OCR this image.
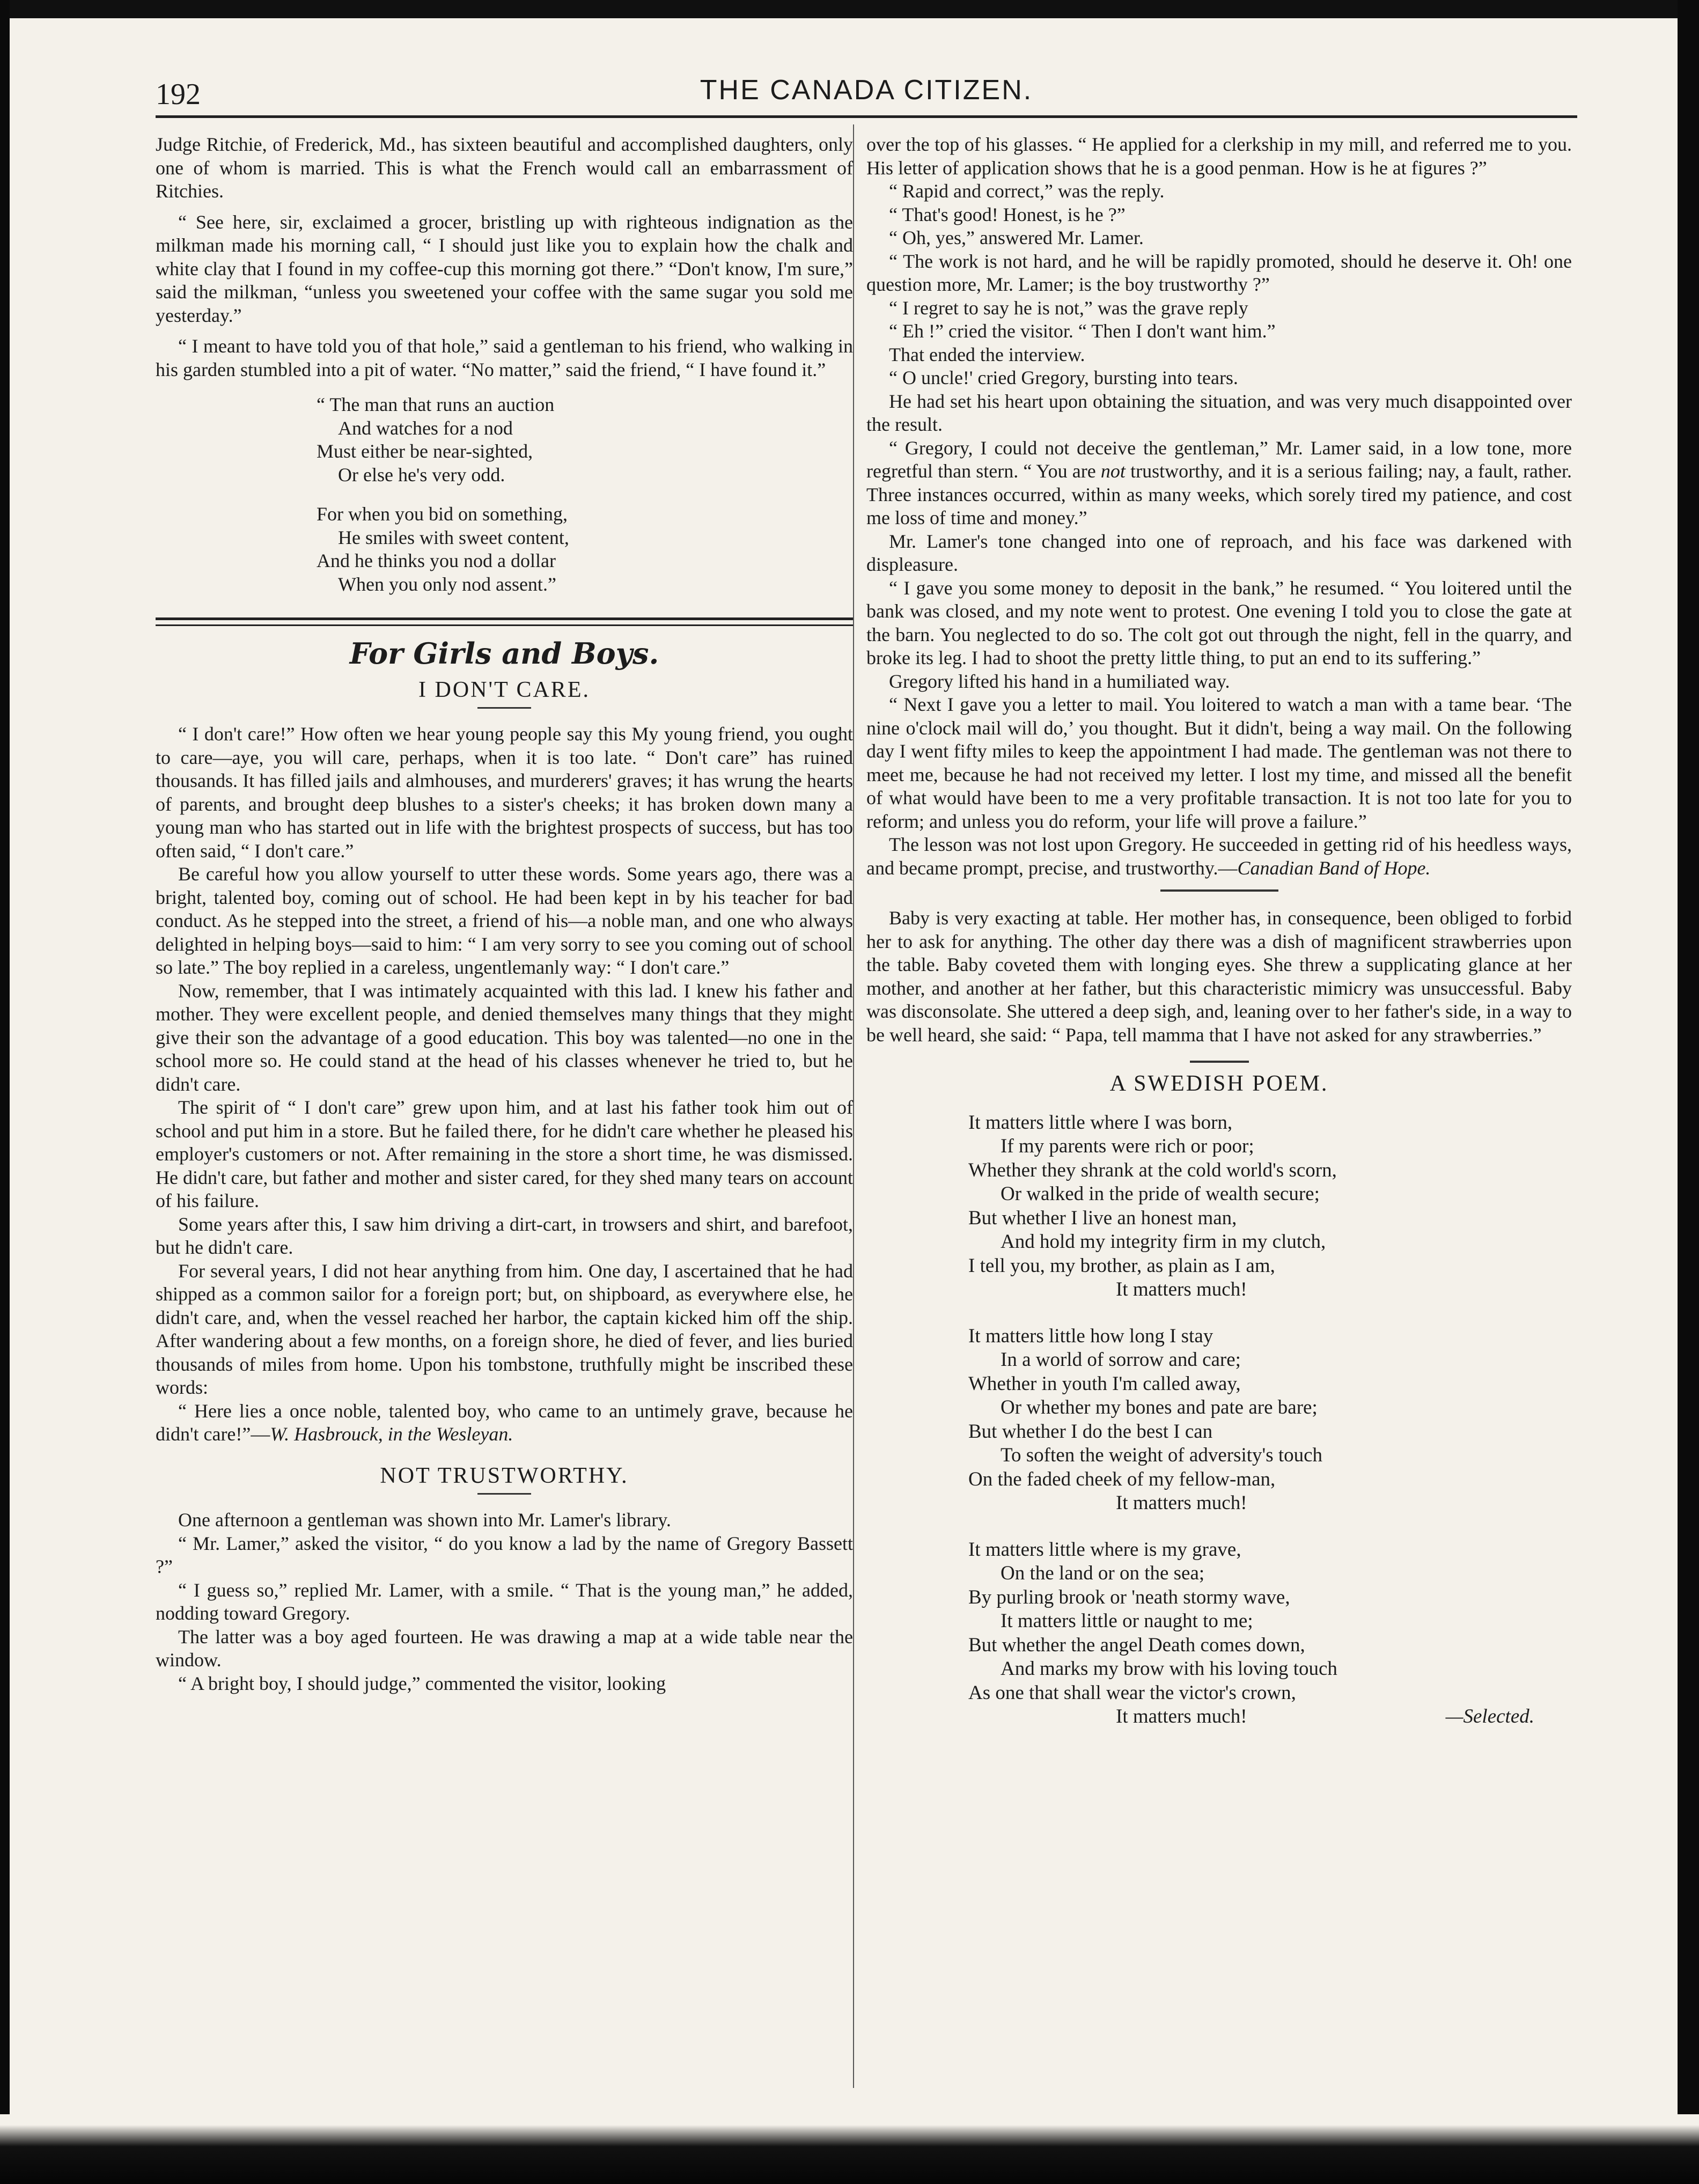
THE CANADA CITIZEN.
192

Judge Ritchie, of Frederick, Md., has sixteen beautiful and accomplished daughters, only one of whom is married. This is what the French would call an embarrassment of Ritchies.

“ See here, sir, exclaimed a grocer, bristling up with righteous indignation as the milkman made his morning call, “ I should just like you to explain how the chalk and white clay that I found in my coffee-cup this morning got there.” “Don't know, I'm sure,” said the milkman, “unless you sweetened your coffee with the same sugar you sold me yesterday.”

“ I meant to have told you of that hole,” said a gentleman to his friend, who walking in his garden stumbled into a pit of water. “No matter,” said the friend, “ I have found it.”

“ The man that runs an auction
And watches for a nod
Must either be near-sighted,
Or else he's very odd.
For when you bid on something,
He smiles with sweet content,
And he thinks you nod a dollar
When you only nod assent.”
For Girls and Boys.
I DON'T CARE.

“ I don't care!” How often we hear young people say this My young friend, you ought to care—aye, you will care, perhaps, when it is too late. “ Don't care” has ruined thousands. It has filled jails and almhouses, and murderers' graves; it has wrung the hearts of parents, and brought deep blushes to a sister's cheeks; it has broken down many a young man who has started out in life with the brightest prospects of success, but has too often said, “ I don't care.”

Be careful how you allow yourself to utter these words. Some years ago, there was a bright, talented boy, coming out of school. He had been kept in by his teacher for bad conduct. As he stepped into the street, a friend of his—a noble man, and one who always delighted in helping boys—said to him: “ I am very sorry to see you coming out of school so late.” The boy replied in a careless, ungentlemanly way: “ I don't care.”

Now, remember, that I was intimately acquainted with this lad. I knew his father and mother. They were excellent people, and denied themselves many things that they might give their son the advantage of a good education. This boy was talented—no one in the school more so. He could stand at the head of his classes whenever he tried to, but he didn't care.

The spirit of “ I don't care” grew upon him, and at last his father took him out of school and put him in a store. But he failed there, for he didn't care whether he pleased his employer's customers or not. After remaining in the store a short time, he was dismissed. He didn't care, but father and mother and sister cared, for they shed many tears on account of his failure.

Some years after this, I saw him driving a dirt-cart, in trowsers and shirt, and barefoot, but he didn't care.

For several years, I did not hear anything from him. One day, I ascertained that he had shipped as a common sailor for a foreign port; but, on shipboard, as everywhere else, he didn't care, and, when the vessel reached her harbor, the captain kicked him off the ship. After wandering about a few months, on a foreign shore, he died of fever, and lies buried thousands of miles from home. Upon his tombstone, truthfully might be inscribed these words:

“ Here lies a once noble, talented boy, who came to an untimely grave, because he didn't care!”—W. Hasbrouck, in the Wesleyan.

NOT TRUSTWORTHY.

One afternoon a gentleman was shown into Mr. Lamer's library.

“ Mr. Lamer,” asked the visitor, “ do you know a lad by the name of Gregory Bassett ?”

“ I guess so,” replied Mr. Lamer, with a smile. “ That is the young man,” he added, nodding toward Gregory.

The latter was a boy aged fourteen. He was drawing a map at a wide table near the window.

“ A bright boy, I should judge,” commented the visitor, looking

over the top of his glasses. “ He applied for a clerkship in my mill, and referred me to you. His letter of application shows that he is a good penman. How is he at figures ?”

“ Rapid and correct,” was the reply.

“ That's good! Honest, is he ?”

“ Oh, yes,” answered Mr. Lamer.

“ The work is not hard, and he will be rapidly promoted, should he deserve it. Oh! one question more, Mr. Lamer; is the boy trustworthy ?”

“ I regret to say he is not,” was the grave reply

“ Eh !” cried the visitor. “ Then I don't want him.”

That ended the interview.

“ O uncle!' cried Gregory, bursting into tears.

He had set his heart upon obtaining the situation, and was very much disappointed over the result.

“ Gregory, I could not deceive the gentleman,” Mr. Lamer said, in a low tone, more regretful than stern. “ You are not trustworthy, and it is a serious failing; nay, a fault, rather. Three instances occurred, within as many weeks, which sorely tired my patience, and cost me loss of time and money.”

Mr. Lamer's tone changed into one of reproach, and his face was darkened with displeasure.

“ I gave you some money to deposit in the bank,” he resumed. “ You loitered until the bank was closed, and my note went to protest. One evening I told you to close the gate at the barn. You neglected to do so. The colt got out through the night, fell in the quarry, and broke its leg. I had to shoot the pretty little thing, to put an end to its suffering.”

Gregory lifted his hand in a humiliated way.

“ Next I gave you a letter to mail. You loitered to watch a man with a tame bear. ‘The nine o'clock mail will do,’ you thought. But it didn't, being a way mail. On the following day I went fifty miles to keep the appointment I had made. The gentleman was not there to meet me, because he had not received my letter. I lost my time, and missed all the benefit of what would have been to me a very profitable transaction. It is not too late for you to reform; and unless you do reform, your life will prove a failure.”

The lesson was not lost upon Gregory. He succeeded in getting rid of his heedless ways, and became prompt, precise, and trustworthy.—Canadian Band of Hope.

Baby is very exacting at table. Her mother has, in consequence, been obliged to forbid her to ask for anything. The other day there was a dish of magnificent strawberries upon the table. Baby coveted them with longing eyes. She threw a supplicating glance at her mother, and another at her father, but this characteristic mimicry was unsuccessful. Baby was disconsolate. She uttered a deep sigh, and, leaning over to her father's side, in a way to be well heard, she said: “ Papa, tell mamma that I have not asked for any strawberries.”

A SWEDISH POEM.
It matters little where I was born,
If my parents were rich or poor;
Whether they shrank at the cold world's scorn,
Or walked in the pride of wealth secure;
But whether I live an honest man,
And hold my integrity firm in my clutch,
I tell you, my brother, as plain as I am,
It matters much!
It matters little how long I stay
In a world of sorrow and care;
Whether in youth I'm called away,
Or whether my bones and pate are bare;
But whether I do the best I can
To soften the weight of adversity's touch
On the faded cheek of my fellow-man,
It matters much!
It matters little where is my grave,
On the land or on the sea;
By purling brook or 'neath stormy wave,
It matters little or naught to me;
But whether the angel Death comes down,
And marks my brow with his loving touch
As one that shall wear the victor's crown,
It matters much!	—Selected.
